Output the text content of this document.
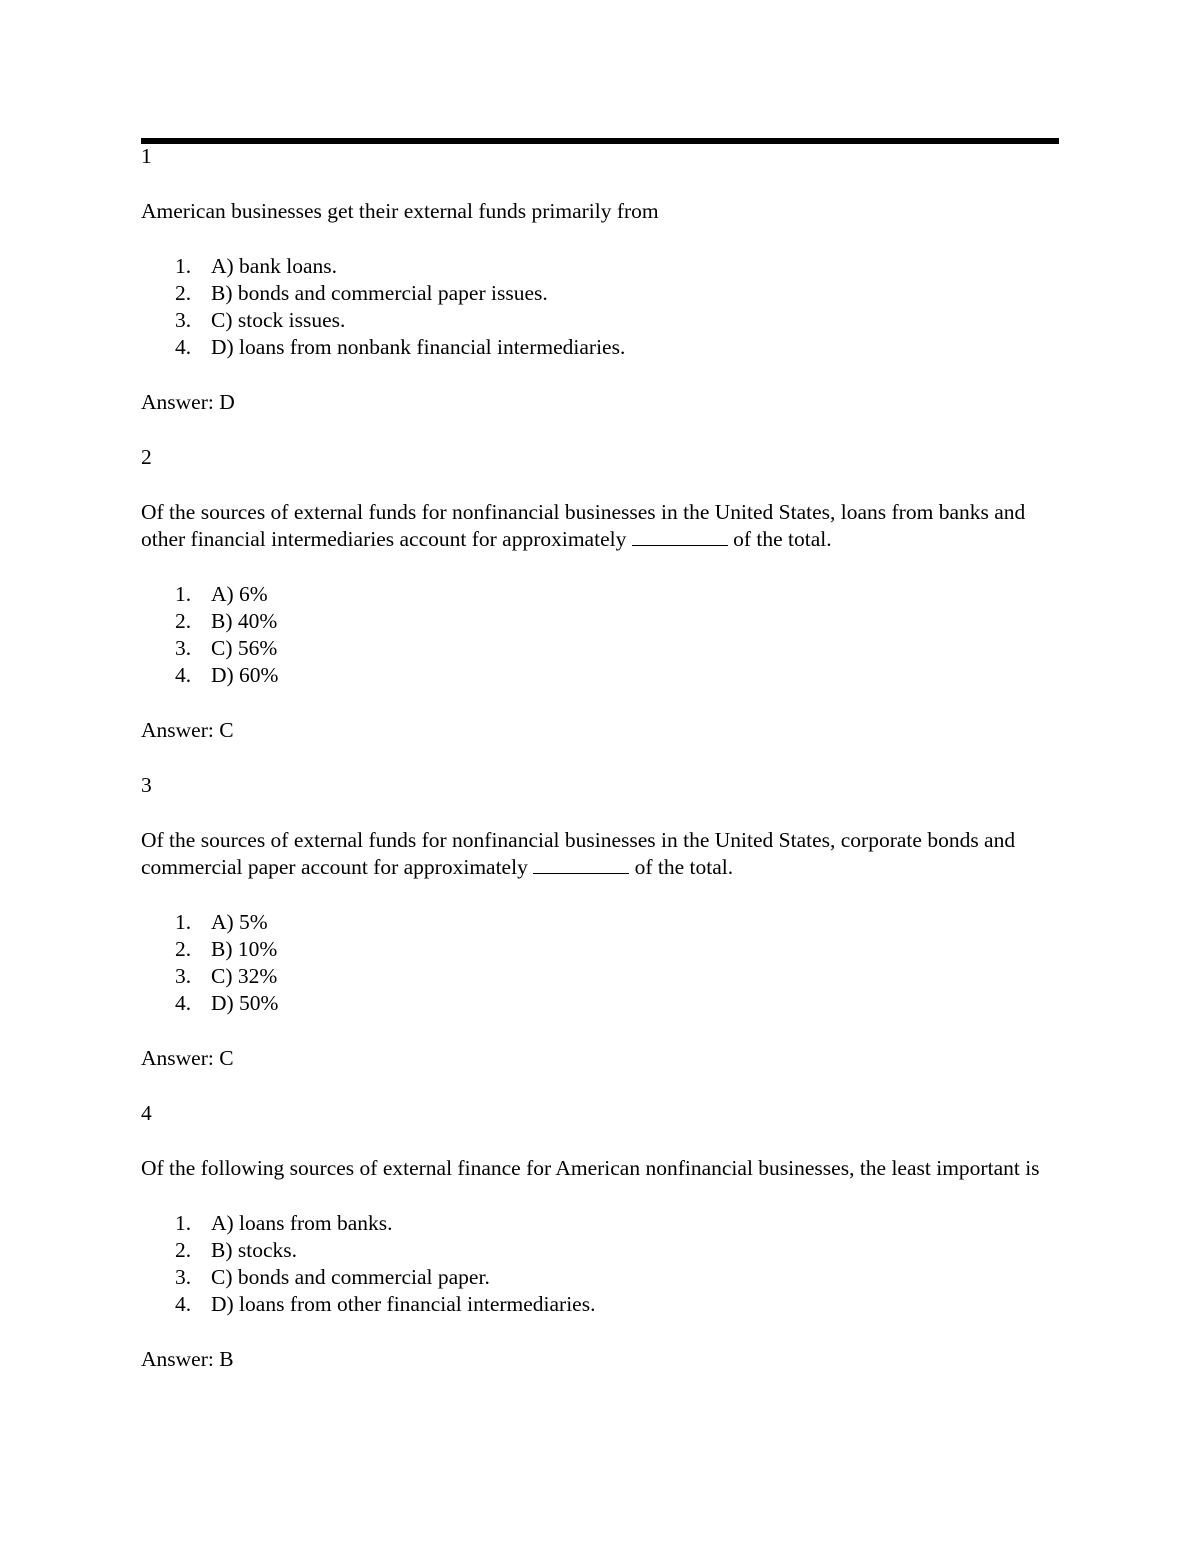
1

American businesses get their external funds primarily from

1. A) bank loans.
2. B) bonds and commercial paper issues.
3. C) stock issues.
4. D) loans from nonbank financial intermediaries.

Answer: D

2

Of the sources of external funds for nonfinancial businesses in the United States, loans from banks and other financial intermediaries account for approximately	of the total.

1. A) 6%
2. B) 40%
3. C) 56%
4. D) 60%

Answer: C

3

Of the sources of external funds for nonfinancial businesses in the United States, corporate bonds and commercial paper account for approximately	of the total.

1. A) 5%
2. B) 10%
3. C) 32%
4. D) 50%

Answer: C

4

Of the following sources of external finance for American nonfinancial businesses, the least important is

1. A) loans from banks.
2. B) stocks.
3. C) bonds and commercial paper.
4. D) loans from other financial intermediaries.

Answer: B
